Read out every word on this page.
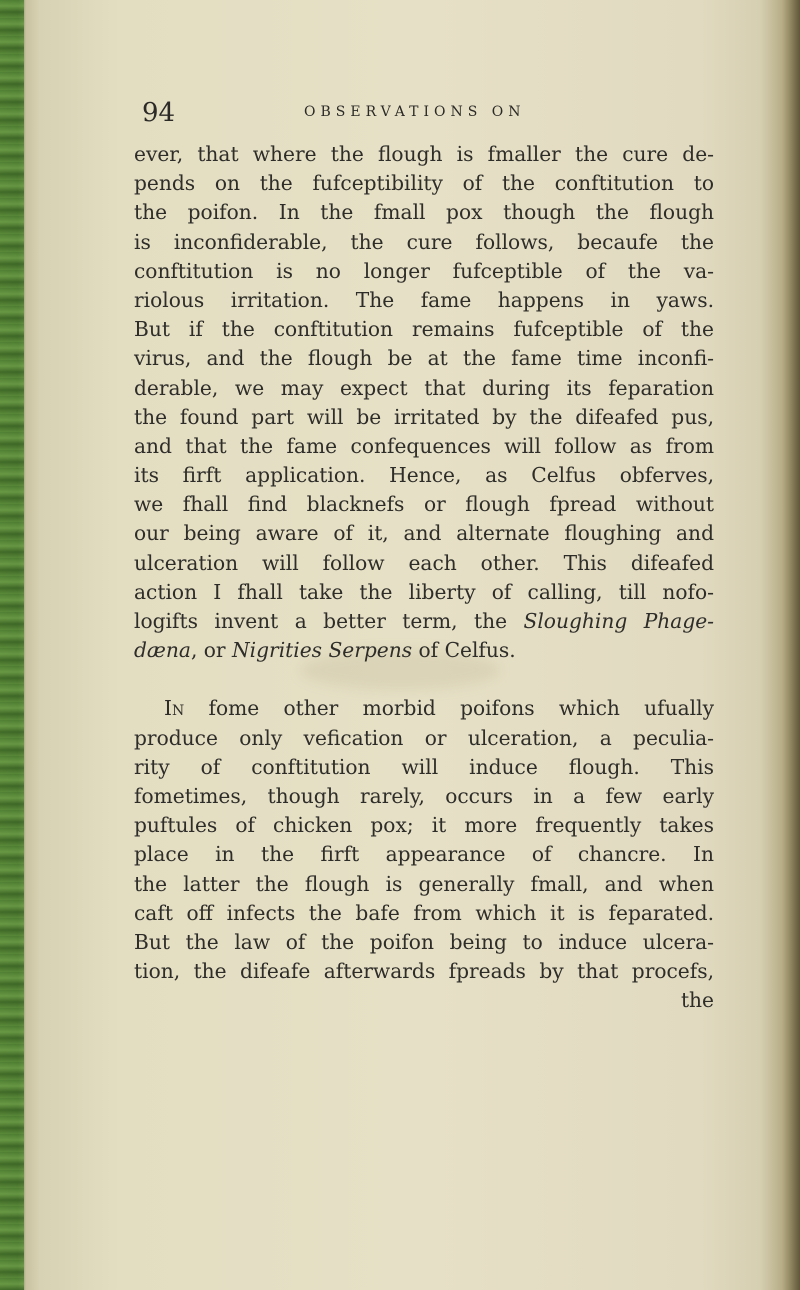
94	OBSERVATIONS ON
ever, that where the flough is fmaller the cure de-
pends on the fufceptibility of the conftitution to
the poifon. In the fmall pox though the flough
is inconfiderable, the cure follows, becaufe the
conftitution is no longer fufceptible of the va-
riolous irritation. The fame happens in yaws.
But if the conftitution remains fufceptible of the
virus, and the flough be at the fame time inconfi-
derable, we may expect that during its feparation
the found part will be irritated by the difeafed pus,
and that the fame confequences will follow as from
its firft application. Hence, as Celfus obferves,
we fhall find blacknefs or flough fpread without
our being aware of it, and alternate floughing and
ulceration will follow each other. This difeafed
action I fhall take the liberty of calling, till nofo-
logifts invent a better term, the Sloughing Phage-
dæna, or Nigrities Serpens of Celfus.
In fome other morbid poifons which ufually
produce only vefication or ulceration, a peculia-
rity of conftitution will induce flough. This
fometimes, though rarely, occurs in a few early
puftules of chicken pox; it more frequently takes
place in the firft appearance of chancre. In
the latter the flough is generally fmall, and when
caft off infects the bafe from which it is feparated.
But the law of the poifon being to induce ulcera-
tion, the difeafe afterwards fpreads by that procefs,
the
